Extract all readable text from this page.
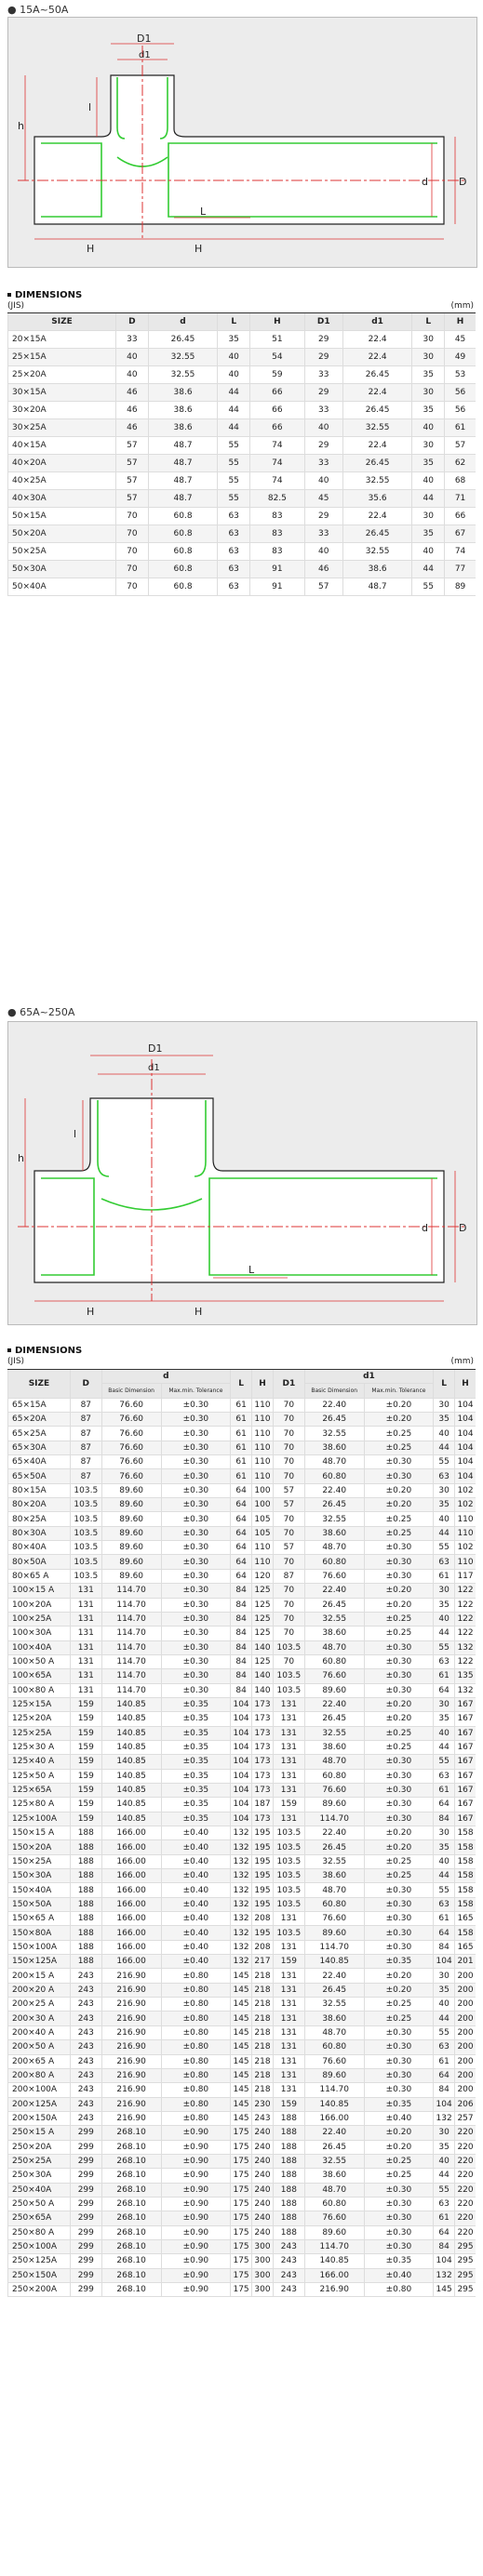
● 15A~50A
D1
d1
h
l
D
d
L
H	H
DIMENSIONS
(JIS)	(mm)
SIZE	D	d	L	H	D1	d1	L	H
20×15A	33	26.45	35	51	29	22.4	30	45
25×15A	40	32.55	40	54	29	22.4	30	49
25×20A	40	32.55	40	59	33	26.45	35	53
30×15A	46	38.6	44	66	29	22.4	30	56
30×20A	46	38.6	44	66	33	26.45	35	56
30×25A	46	38.6	44	66	40	32.55	40	61
40×15A	57	48.7	55	74	29	22.4	30	57
40×20A	57	48.7	55	74	33	26.45	35	62
40×25A	57	48.7	55	74	40	32.55	40	68
40×30A	57	48.7	55	82.5	45	35.6	44	71
50×15A	70	60.8	63	83	29	22.4	30	66
50×20A	70	60.8	63	83	33	26.45	35	67
50×25A	70	60.8	63	83	40	32.55	40	74
50×30A	70	60.8	63	91	46	38.6	44	77
50×40A	70	60.8	63	91	57	48.7	55	89
● 65A~250A
D1
d1
h
l
D
d
L
H	H
DIMENSIONS
(JIS)	(mm)
SIZE	D	d		L	H	D1	d1		L	H
		Basic Dimension	Max.min. Tolerance				Basic Dimension	Max.min. Tolerance		
65×15A	87	76.60	±0.30	61	110	70	22.40	±0.20	30	104
65×20A	87	76.60	±0.30	61	110	70	26.45	±0.20	35	104
65×25A	87	76.60	±0.30	61	110	70	32.55	±0.25	40	104
65×30A	87	76.60	±0.30	61	110	70	38.60	±0.25	44	104
65×40A	87	76.60	±0.30	61	110	70	48.70	±0.30	55	104
65×50A	87	76.60	±0.30	61	110	70	60.80	±0.30	63	104
80×15A	103.5	89.60	±0.30	64	100	57	22.40	±0.20	30	102
80×20A	103.5	89.60	±0.30	64	100	57	26.45	±0.20	35	102
80×25A	103.5	89.60	±0.30	64	105	70	32.55	±0.25	40	110
80×30A	103.5	89.60	±0.30	64	105	70	38.60	±0.25	44	110
80×40A	103.5	89.60	±0.30	64	110	57	48.70	±0.30	55	102
80×50A	103.5	89.60	±0.30	64	110	70	60.80	±0.30	63	110
80×65 A	103.5	89.60	±0.30	64	120	87	76.60	±0.30	61	117
100×15 A	131	114.70	±0.30	84	125	70	22.40	±0.20	30	122
100×20A	131	114.70	±0.30	84	125	70	26.45	±0.20	35	122
100×25A	131	114.70	±0.30	84	125	70	32.55	±0.25	40	122
100×30A	131	114.70	±0.30	84	125	70	38.60	±0.25	44	122
100×40A	131	114.70	±0.30	84	140	103.5	48.70	±0.30	55	132
100×50 A	131	114.70	±0.30	84	125	70	60.80	±0.30	63	122
100×65A	131	114.70	±0.30	84	140	103.5	76.60	±0.30	61	135
100×80 A	131	114.70	±0.30	84	140	103.5	89.60	±0.30	64	132
125×15A	159	140.85	±0.35	104	173	131	22.40	±0.20	30	167
125×20A	159	140.85	±0.35	104	173	131	26.45	±0.20	35	167
125×25A	159	140.85	±0.35	104	173	131	32.55	±0.25	40	167
125×30 A	159	140.85	±0.35	104	173	131	38.60	±0.25	44	167
125×40 A	159	140.85	±0.35	104	173	131	48.70	±0.30	55	167
125×50 A	159	140.85	±0.35	104	173	131	60.80	±0.30	63	167
125×65A	159	140.85	±0.35	104	173	131	76.60	±0.30	61	167
125×80 A	159	140.85	±0.35	104	187	159	89.60	±0.30	64	167
125×100A	159	140.85	±0.35	104	173	131	114.70	±0.30	84	167
150×15 A	188	166.00	±0.40	132	195	103.5	22.40	±0.20	30	158
150×20A	188	166.00	±0.40	132	195	103.5	26.45	±0.20	35	158
150×25A	188	166.00	±0.40	132	195	103.5	32.55	±0.25	40	158
150×30A	188	166.00	±0.40	132	195	103.5	38.60	±0.25	44	158
150×40A	188	166.00	±0.40	132	195	103.5	48.70	±0.30	55	158
150×50A	188	166.00	±0.40	132	195	103.5	60.80	±0.30	63	158
150×65 A	188	166.00	±0.40	132	208	131	76.60	±0.30	61	165
150×80A	188	166.00	±0.40	132	195	103.5	89.60	±0.30	64	158
150×100A	188	166.00	±0.40	132	208	131	114.70	±0.30	84	165
150×125A	188	166.00	±0.40	132	217	159	140.85	±0.35	104	201
200×15 A	243	216.90	±0.80	145	218	131	22.40	±0.20	30	200
200×20 A	243	216.90	±0.80	145	218	131	26.45	±0.20	35	200
200×25 A	243	216.90	±0.80	145	218	131	32.55	±0.25	40	200
200×30 A	243	216.90	±0.80	145	218	131	38.60	±0.25	44	200
200×40 A	243	216.90	±0.80	145	218	131	48.70	±0.30	55	200
200×50 A	243	216.90	±0.80	145	218	131	60.80	±0.30	63	200
200×65 A	243	216.90	±0.80	145	218	131	76.60	±0.30	61	200
200×80 A	243	216.90	±0.80	145	218	131	89.60	±0.30	64	200
200×100A	243	216.90	±0.80	145	218	131	114.70	±0.30	84	200
200×125A	243	216.90	±0.80	145	230	159	140.85	±0.35	104	206
200×150A	243	216.90	±0.80	145	243	188	166.00	±0.40	132	257
250×15 A	299	268.10	±0.90	175	240	188	22.40	±0.20	30	220
250×20A	299	268.10	±0.90	175	240	188	26.45	±0.20	35	220
250×25A	299	268.10	±0.90	175	240	188	32.55	±0.25	40	220
250×30A	299	268.10	±0.90	175	240	188	38.60	±0.25	44	220
250×40A	299	268.10	±0.90	175	240	188	48.70	±0.30	55	220
250×50 A	299	268.10	±0.90	175	240	188	60.80	±0.30	63	220
250×65A	299	268.10	±0.90	175	240	188	76.60	±0.30	61	220
250×80 A	299	268.10	±0.90	175	240	188	89.60	±0.30	64	220
250×100A	299	268.10	±0.90	175	300	243	114.70	±0.30	84	295
250×125A	299	268.10	±0.90	175	300	243	140.85	±0.35	104	295
250×150A	299	268.10	±0.90	175	300	243	166.00	±0.40	132	295
250×200A	299	268.10	±0.90	175	300	243	216.90	±0.80	145	295
